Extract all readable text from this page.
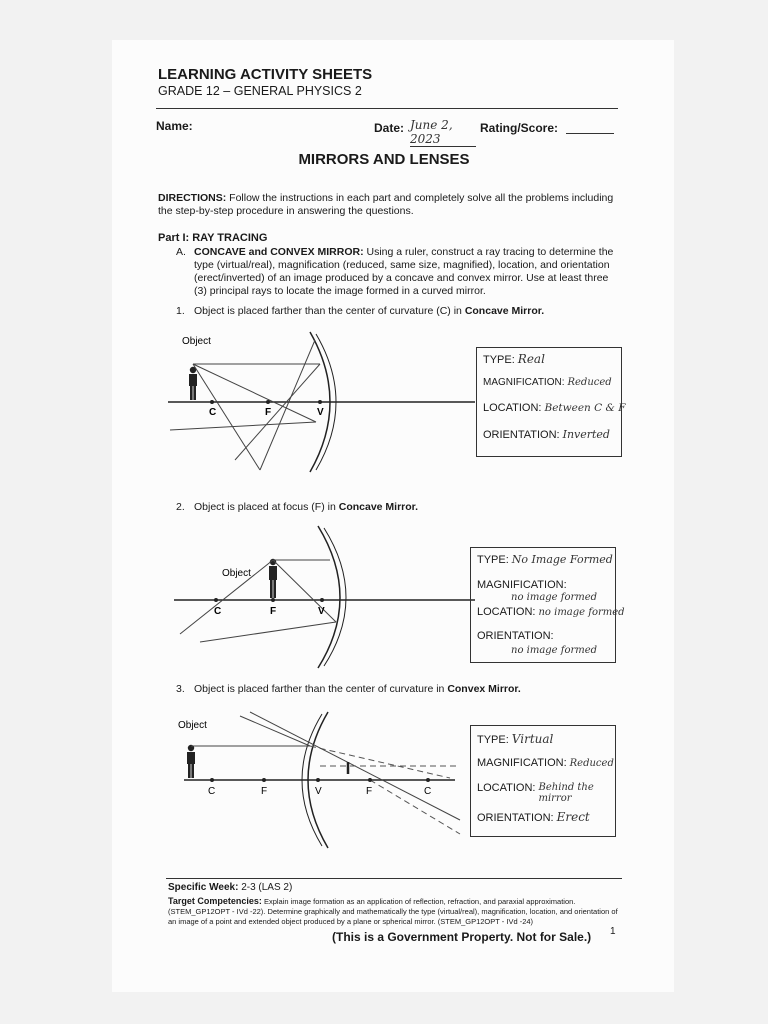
LEARNING ACTIVITY SHEETS
GRADE 12 – GENERAL PHYSICS 2
Name:	Date: June 2, 2023
Rating/Score:
MIRRORS AND LENSES
DIRECTIONS: Follow the instructions in each part and completely solve all the problems including the step-by-step procedure in answering the questions.
Part I: RAY TRACING
A. CONCAVE and CONVEX MIRROR: Using a ruler, construct a ray tracing to determine the type (virtual/real), magnification (reduced, same size, magnified), location, and orientation (erect/inverted) of an image produced by a concave and convex mirror. Use at least three (3) principal rays to locate the image formed in a curved mirror.
1. Object is placed farther than the center of curvature (C) in Concave Mirror.
Object
C	F	V
TYPE: Real
MAGNIFICATION: Reduced
LOCATION: Between C & F
ORIENTATION: Inverted
2. Object is placed at focus (F) in Concave Mirror.
Object
C	F	V
TYPE: No Image Formed
MAGNIFICATION:
no image formed
LOCATION: no image formed
ORIENTATION:
no image formed
3. Object is placed farther than the center of curvature in Convex Mirror.
Object
C	F	V	F	C
TYPE: Virtual
MAGNIFICATION: Reduced
LOCATION: Behind the mirror
ORIENTATION: Erect
Specific Week: 2-3 (LAS 2)
Target Competencies: Explain image formation as an application of reflection, refraction, and paraxial approximation. (STEM_GP12OPT - IVd -22). Determine graphically and mathematically the type (virtual/real), magnification, location, and orientation of an image of a point and extended object produced by a plane or spherical mirror. (STEM_GP12OPT - IVd -24)
(This is a Government Property. Not for Sale.) 1
